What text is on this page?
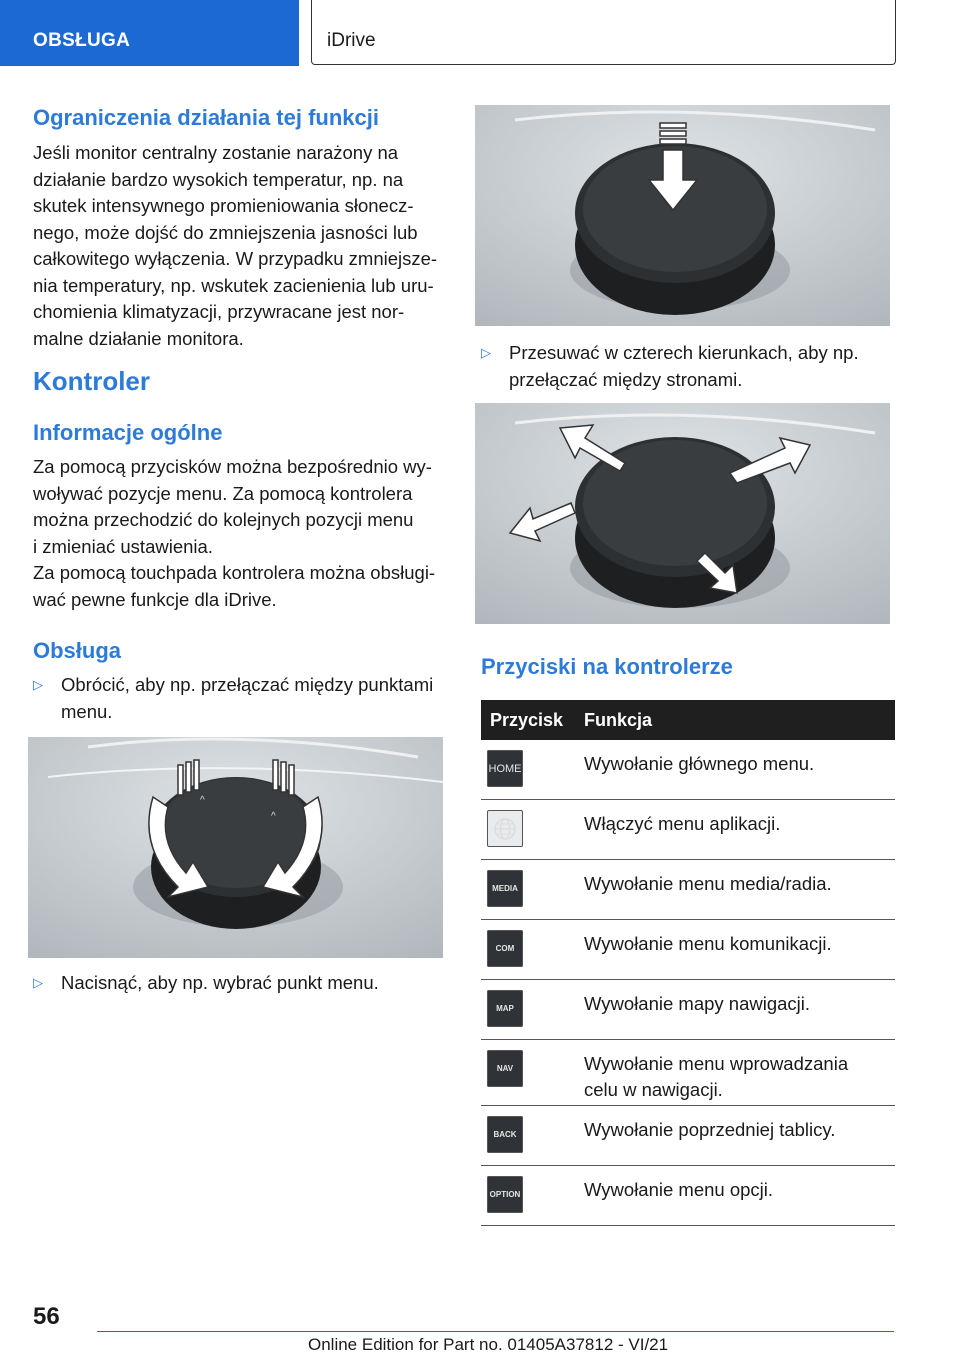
OBSŁUGA	iDrive
Ograniczenia działania tej funkcji
Jeśli monitor centralny zostanie narażony na
działanie bardzo wysokich temperatur, np. na
skutek intensywnego promieniowania słonecz-
nego, może dojść do zmniejszenia jasności lub
całkowitego wyłączenia. W przypadku zmniejsze-
nia temperatury, np. wskutek zacienienia lub uru-
chomienia klimatyzacji, przywracane jest nor-
malne działanie monitora.
Kontroler
Informacje ogólne
Za pomocą przycisków można bezpośrednio wy-
woływać pozycje menu. Za pomocą kontrolera
można przechodzić do kolejnych pozycji menu
i zmieniać ustawienia.
Za pomocą touchpada kontrolera można obsługi-
wać pewne funkcje dla iDrive.
Obsługa
▷ Obrócić, aby np. przełączać między punktami
menu.
^
^
▷ Nacisnąć, aby np. wybrać punkt menu.
▷ Przesuwać w czterech kierunkach, aby np.
przełączać między stronami.
Przyciski na kontrolerze
Przycisk	Funkcja

HOME	Wywołanie głównego menu.

	Włączyć menu aplikacji.

MEDIA	Wywołanie menu media/radia.

COM	Wywołanie menu komunikacji.

MAP	Wywołanie mapy nawigacji.

NAV	Wywołanie menu wprowadzania celu w nawigacji.

BACK	Wywołanie poprzedniej tablicy.

OPTION	Wywołanie menu opcji.
56
Online Edition for Part no. 01405A37812 - VI/21
